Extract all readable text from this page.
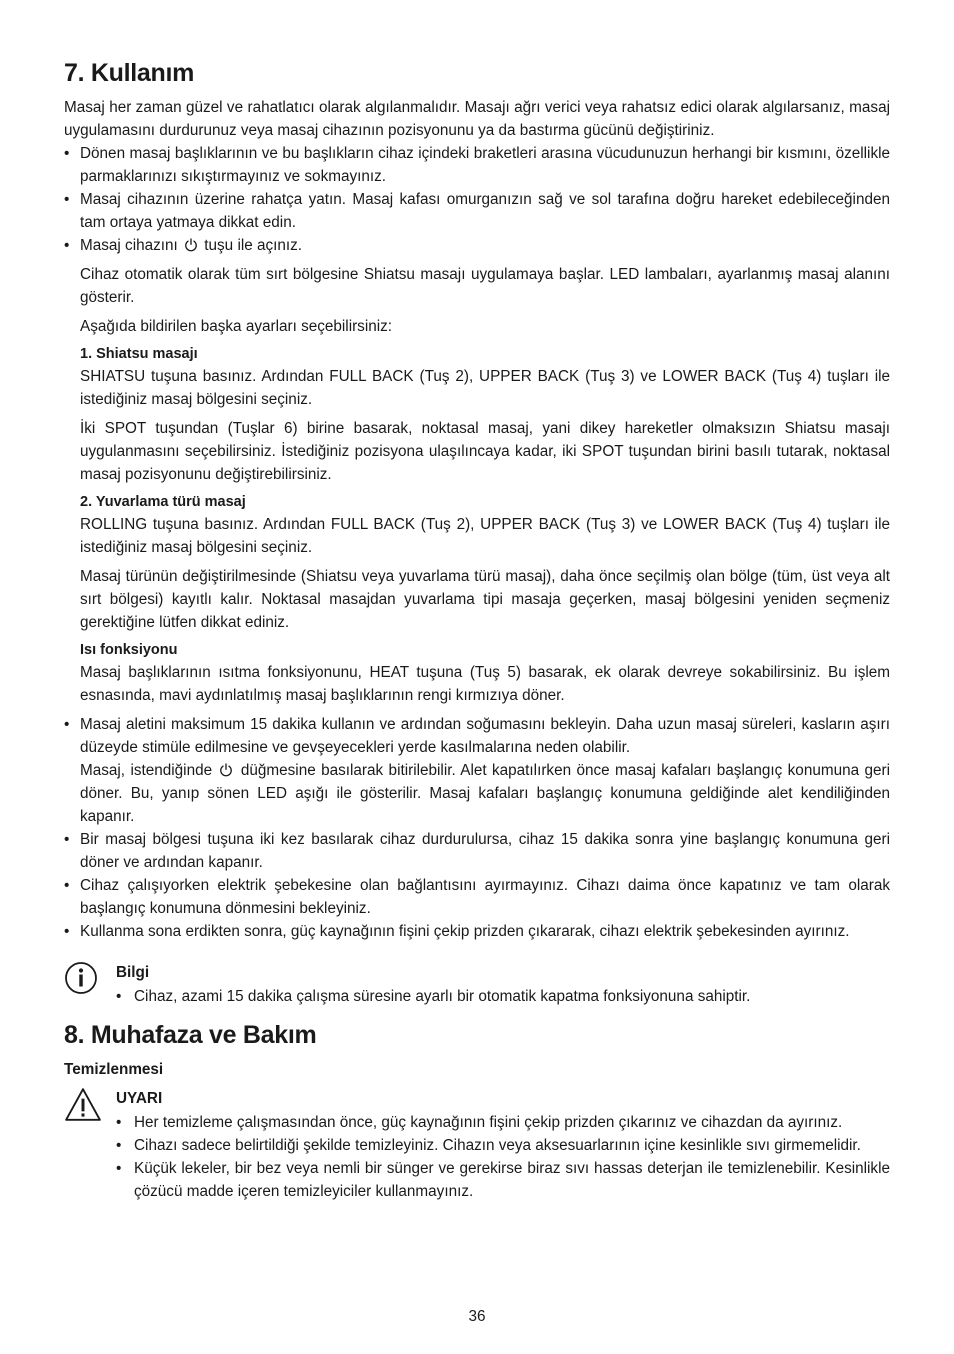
7. Kullanım

Masaj her zaman güzel ve rahatlatıcı olarak algılanmalıdır. Masajı ağrı verici veya rahatsız edici olarak algılarsanız, masaj uygulamasını durdurunuz veya masaj cihazının pozisyonunu ya da bastırma gücünü değiştiriniz.

• Dönen masaj başlıklarının ve bu başlıkların cihaz içindeki braketleri arasına vücudunuzun herhangi bir kısmını, özellikle parmaklarınızı sıkıştırmayınız ve sokmayınız.
• Masaj cihazının üzerine rahatça yatın. Masaj kafası omurganızın sağ ve sol tarafına doğru hareket edebileceğinden tam ortaya yatmaya dikkat edin.
• Masaj cihazını tuşu ile açınız.

Cihaz otomatik olarak tüm sırt bölgesine Shiatsu masajı uygulamaya başlar. LED lambaları, ayarlanmış masaj alanını gösterir.

Aşağıda bildirilen başka ayarları seçebilirsiniz:

1. Shiatsu masajı

SHIATSU tuşuna basınız. Ardından FULL BACK (Tuş 2), UPPER BACK (Tuş 3) ve LOWER BACK (Tuş 4) tuşları ile istediğiniz masaj bölgesini seçiniz.

İki SPOT tuşundan (Tuşlar 6) birine basarak, noktasal masaj, yani dikey hareketler olmaksızın Shiatsu masajı uygulanmasını seçebilirsiniz. İstediğiniz pozisyona ulaşılıncaya kadar, iki SPOT tuşundan birini basılı tutarak, noktasal masaj pozisyonunu değiştirebilirsiniz.

2. Yuvarlama türü masaj

ROLLING tuşuna basınız. Ardından FULL BACK (Tuş 2), UPPER BACK (Tuş 3) ve LOWER BACK (Tuş 4) tuşları ile istediğiniz masaj bölgesini seçiniz.

Masaj türünün değiştirilmesinde (Shiatsu veya yuvarlama türü masaj), daha önce seçilmiş olan bölge (tüm, üst veya alt sırt bölgesi) kayıtlı kalır. Noktasal masajdan yuvarlama tipi masaja geçerken, masaj bölgesini yeniden seçmeniz gerektiğine lütfen dikkat ediniz.

Isı fonksiyonu

Masaj başlıklarının ısıtma fonksiyonunu, HEAT tuşuna (Tuş 5) basarak, ek olarak devreye sokabilirsiniz. Bu işlem esnasında, mavi aydınlatılmış masaj başlıklarının rengi kırmızıya döner.

• Masaj aletini maksimum 15 dakika kullanın ve ardından soğumasını bekleyin. Daha uzun masaj süreleri, kasların aşırı düzeyde stimüle edilmesine ve gevşeyecekleri yerde kasılmalarına neden olabilir.
Masaj, istendiğinde düğmesine basılarak bitirilebilir. Alet kapatılırken önce masaj kafaları başlangıç konumuna geri döner. Bu, yanıp sönen LED aşığı ile gösterilir. Masaj kafaları başlangıç konumuna geldiğinde alet kendiliğinden kapanır.
• Bir masaj bölgesi tuşuna iki kez basılarak cihaz durdurulursa, cihaz 15 dakika sonra yine başlangıç konumuna geri döner ve ardından kapanır.
• Cihaz çalışıyorken elektrik şebekesine olan bağlantısını ayırmayınız. Cihazı daima önce kapatınız ve tam olarak başlangıç konumuna dönmesini bekleyiniz.
• Kullanma sona erdikten sonra, güç kaynağının fişini çekip prizden çıkararak, cihazı elektrik şebekesinden ayırınız.
Bilgi
• Cihaz, azami 15 dakika çalışma süresine ayarlı bir otomatik kapatma fonksiyonuna sahiptir.
8. Muhafaza ve Bakım
Temizlenmesi
UYARI
• Her temizleme çalışmasından önce, güç kaynağının fişini çekip prizden çıkarınız ve cihazdan da ayırınız.
• Cihazı sadece belirtildiği şekilde temizleyiniz. Cihazın veya aksesuarlarının içine kesinlikle sıvı girmemelidir.
• Küçük lekeler, bir bez veya nemli bir sünger ve gerekirse biraz sıvı hassas deterjan ile temizlenebilir. Kesinlikle çözücü madde içeren temizleyiciler kullanmayınız.
36
